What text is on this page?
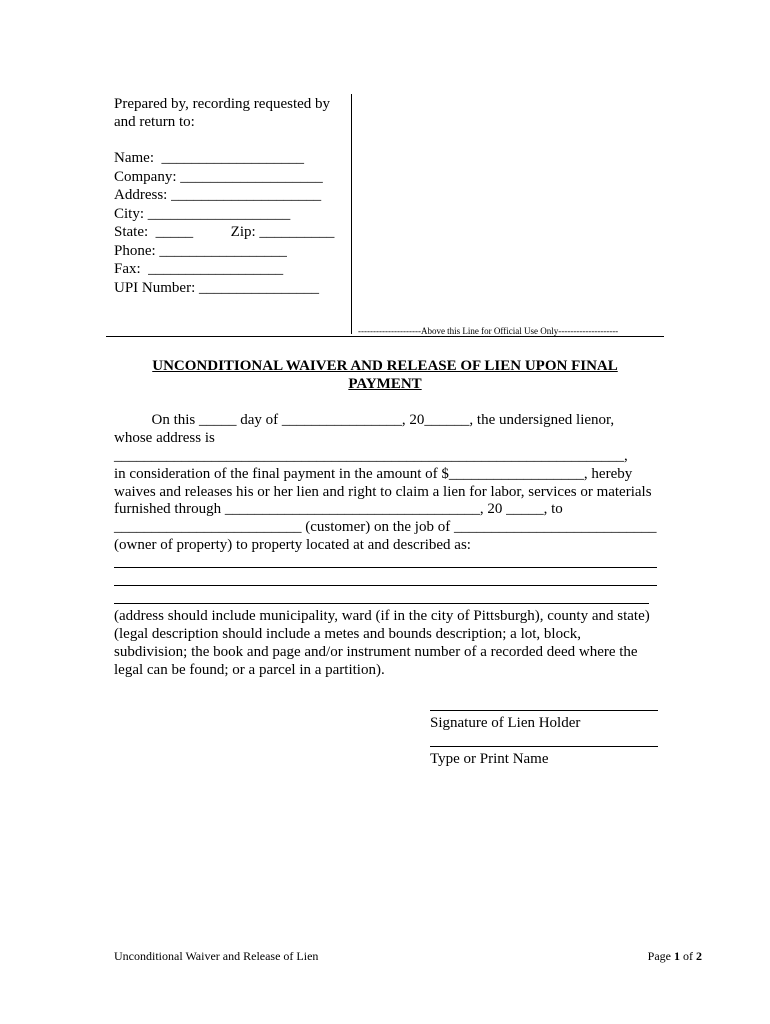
Prepared by, recording requested by
and return to:
Name:  ___________________
Company: ___________________
Address: ____________________
City: ___________________
State:  _____          Zip: __________
Phone: _________________
Fax:  __________________
UPI Number: ________________
---------------------Above this Line for Official Use Only--------------------
UNCONDITIONAL WAIVER AND RELEASE OF LIEN UPON FINAL
PAYMENT
On this _____ day of ________________, 20______, the undersigned lienor,
whose address is
____________________________________________________________________,
in consideration of the final payment in the amount of $__________________, hereby
waives and releases his or her lien and right to claim a lien for labor, services or materials
furnished through __________________________________, 20 _____, to
_________________________ (customer) on the job of ___________________________
(owner of property) to property located at and described as:
(address should include municipality, ward (if in the city of Pittsburgh), county and state)
(legal description should include a metes and bounds description; a lot, block,
subdivision; the book and page and/or instrument number of a recorded deed where the
legal can be found; or a parcel in a partition).
Signature of Lien Holder
Type or Print Name
Unconditional Waiver and Release of Lien	Page 1 of 2
